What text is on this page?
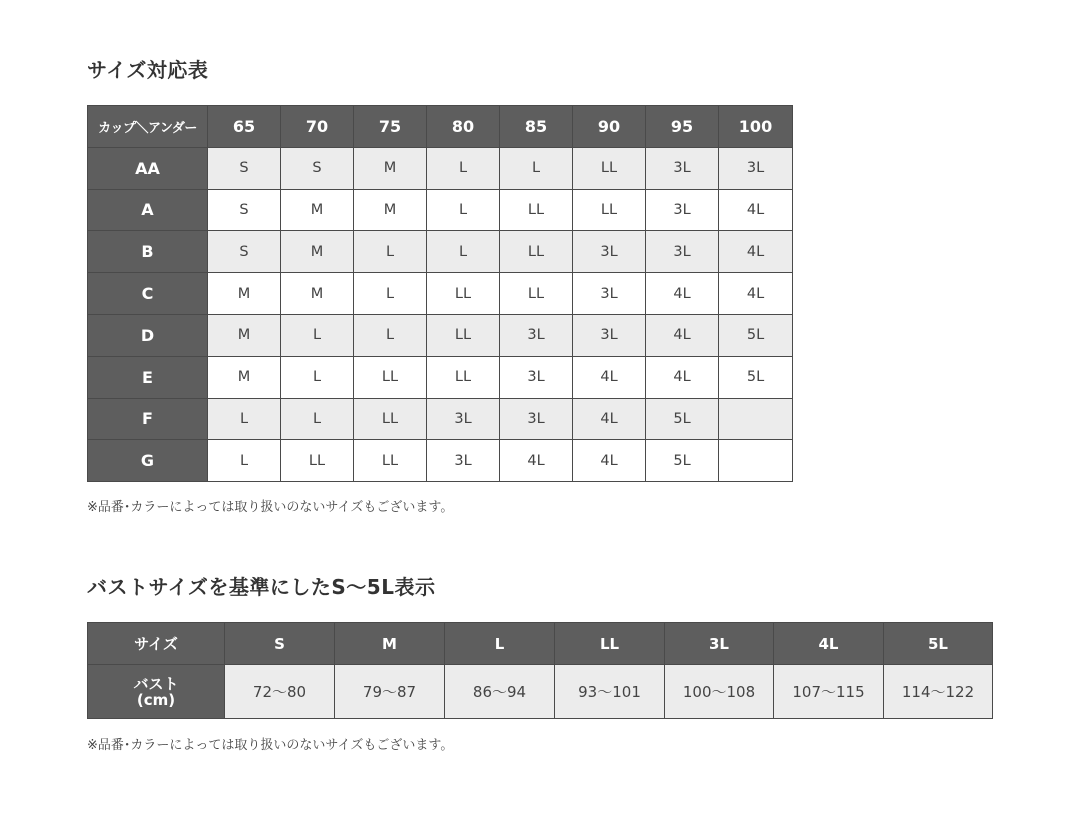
サイズ対応表
カップ＼アンダー	65	70	75	80	85	90	95	100
AA	S	S	M	L	L	LL	3L	3L
A	S	M	M	L	LL	LL	3L	4L
B	S	M	L	L	LL	3L	3L	4L
C	M	M	L	LL	LL	3L	4L	4L
D	M	L	L	LL	3L	3L	4L	5L
E	M	L	LL	LL	3L	4L	4L	5L
F	L	L	LL	3L	3L	4L	5L	
G	L	LL	LL	3L	4L	4L	5L	

※品番･カラーによっては取り扱いのないサイズもございます。

バストサイズを基準にしたS〜5L表示
サイズ	S	M	L	LL	3L	4L	5L
バスト
(cm)	72〜80	79〜87	86〜94	93〜101	100〜108	107〜115	114〜122

※品番･カラーによっては取り扱いのないサイズもございます。
